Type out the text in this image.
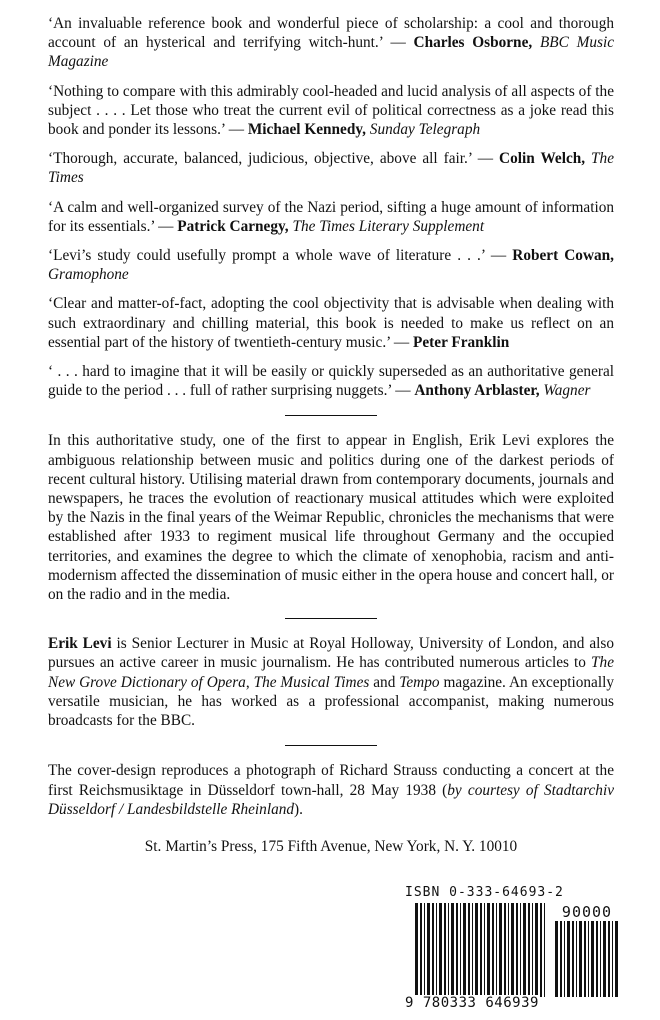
‘An invaluable reference book and wonderful piece of scholarship: a cool and thorough account of an hysterical and terrifying witch-hunt.’ — Charles Osborne, BBC Music Magazine

‘Nothing to compare with this admirably cool-headed and lucid analysis of all aspects of the subject . . . . Let those who treat the current evil of political correctness as a joke read this book and ponder its lessons.’ — Michael Kennedy, Sunday Telegraph

‘Thorough, accurate, balanced, judicious, objective, above all fair.’ — Colin Welch, The Times

‘A calm and well-organized survey of the Nazi period, sifting a huge amount of information for its essentials.’ — Patrick Carnegy, The Times Literary Supplement

‘Levi’s study could usefully prompt a whole wave of literature . . .’ — Robert Cowan, Gramophone

‘Clear and matter-of-fact, adopting the cool objectivity that is advisable when dealing with such extraordinary and chilling material, this book is needed to make us reflect on an essential part of the history of twentieth-century music.’ — Peter Franklin

‘ . . . hard to imagine that it will be easily or quickly superseded as an authoritative general guide to the period . . . full of rather surprising nuggets.’ — Anthony Arblaster, Wagner

In this authoritative study, one of the first to appear in English, Erik Levi explores the ambiguous relationship between music and politics during one of the darkest periods of recent cultural history. Utilising material drawn from contemporary documents, journals and newspapers, he traces the evolution of reactionary musical attitudes which were exploited by the Nazis in the final years of the Weimar Republic, chronicles the mechanisms that were established after 1933 to regiment musical life throughout Germany and the occupied territories, and examines the degree to which the climate of xenophobia, racism and anti-modernism affected the dissemination of music either in the opera house and concert hall, or on the radio and in the media.

Erik Levi is Senior Lecturer in Music at Royal Holloway, University of London, and also pursues an active career in music journalism. He has contributed numerous articles to The New Grove Dictionary of Opera, The Musical Times and Tempo magazine. An exceptionally versatile musician, he has worked as a professional accompanist, making numerous broadcasts for the BBC.

The cover-design reproduces a photograph of Richard Strauss conducting a concert at the first Reichsmusiktage in Düsseldorf town-hall, 28 May 1938 (by courtesy of Stadtarchiv Düsseldorf / Landesbildstelle Rheinland).

St. Martin’s Press, 175 Fifth Avenue, New York, N. Y. 10010
ISBN 0-333-64693-2
90000
9 780333 646939
